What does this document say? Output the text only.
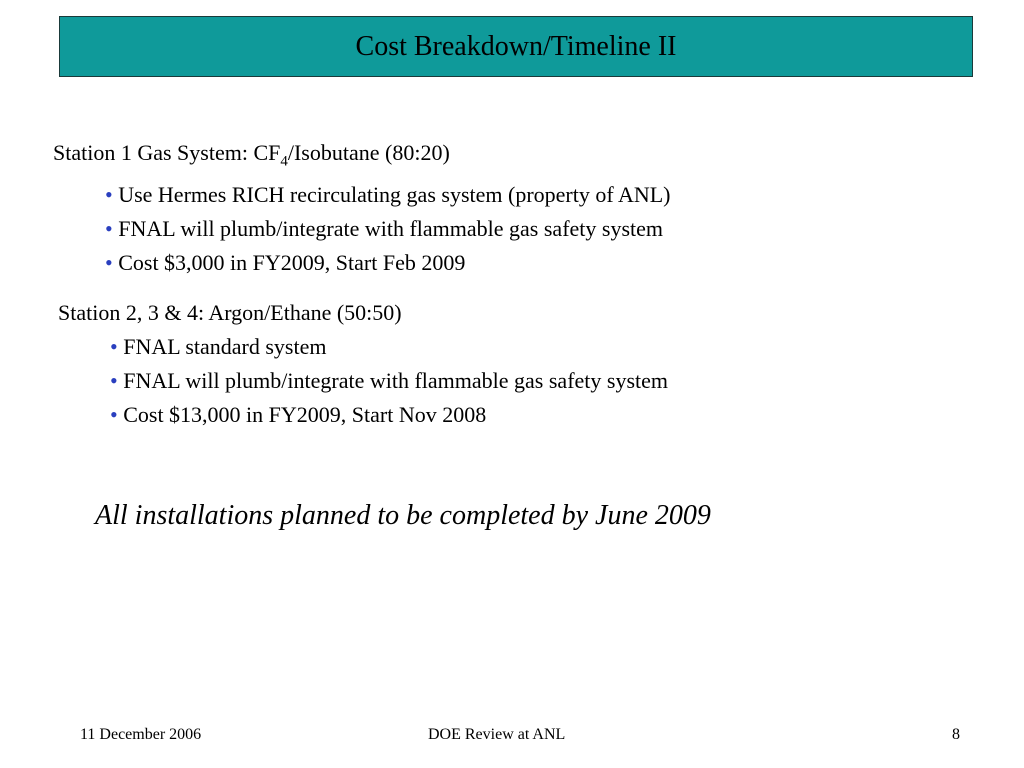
Cost Breakdown/Timeline II
Station 1 Gas System: $CF_4$/Isobutane (80:20)
• Use Hermes RICH recirculating gas system (property of ANL)
• FNAL will plumb/integrate with flammable gas safety system
• Cost $3,000 in FY2009, Start Feb 2009
Station 2, 3 & 4: Argon/Ethane (50:50)
• FNAL standard system
• FNAL will plumb/integrate with flammable gas safety system
• Cost $13,000 in FY2009, Start Nov 2008
All installations planned to be completed by June 2009
11 December 2006	DOE Review at ANL	8
